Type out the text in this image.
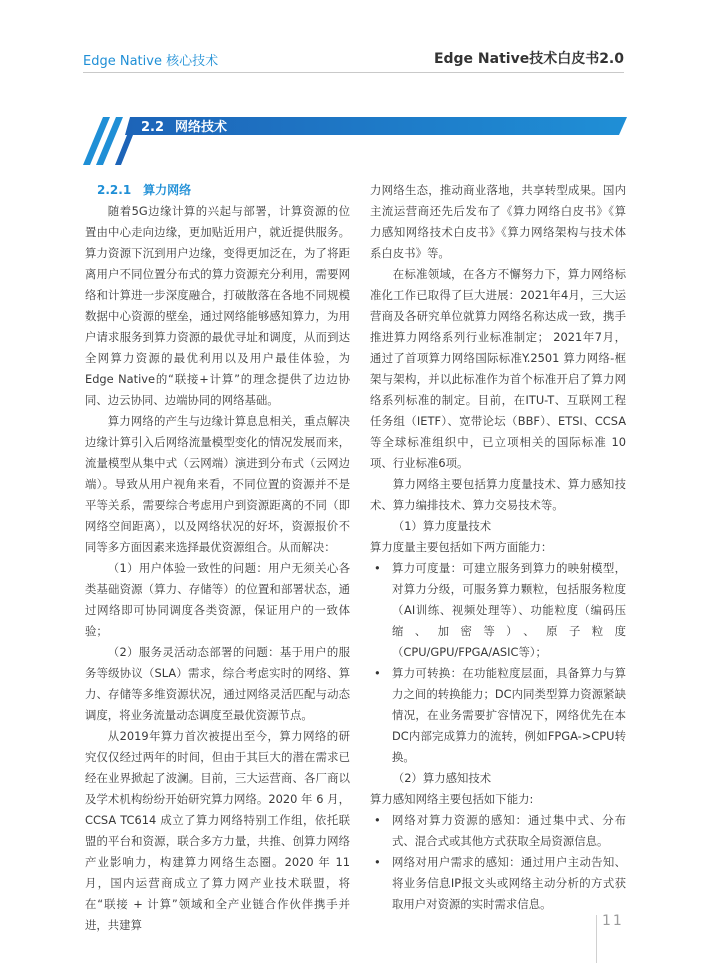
Edge Native 核心技术	Edge Native技术白皮书2.0
2.2 网络技术
2.2.1　算力网络

随着5G边缘计算的兴起与部署，计算资源的位置由中心走向边缘，更加贴近用户，就近提供服务。算力资源下沉到用户边缘，变得更加泛在，为了将距离用户不同位置分布式的算力资源充分利用，需要网络和计算进一步深度融合，打破散落在各地不同规模数据中心资源的壁垒，通过网络能够感知算力，为用户请求服务到算力资源的最优寻址和调度，从而到达全网算力资源的最优利用以及用户最佳体验，为Edge Native的“联接+计算”的理念提供了边边协同、边云协同、边端协同的网络基础。

算力网络的产生与边缘计算息息相关，重点解决边缘计算引入后网络流量模型变化的情况发展而来，流量模型从集中式（云网端）演进到分布式（云网边端）。导致从用户视角来看，不同位置的资源并不是平等关系，需要综合考虑用户到资源距离的不同（即网络空间距离），以及网络状况的好坏，资源报价不同等多方面因素来选择最优资源组合。从而解决：

（1）用户体验一致性的问题：用户无须关心各类基础资源（算力、存储等）的位置和部署状态，通过网络即可协同调度各类资源，保证用户的一致体验；

（2）服务灵活动态部署的问题：基于用户的服务等级协议（SLA）需求，综合考虑实时的网络、算力、存储等多维资源状况，通过网络灵活匹配与动态调度，将业务流量动态调度至最优资源节点。

从2019年算力首次被提出至今，算力网络的研究仅仅经过两年的时间，但由于其巨大的潜在需求已经在业界掀起了波澜。目前，三大运营商、各厂商以及学术机构纷纷开始研究算力网络。2020 年 6 月，CCSA TC614 成立了算力网络特别工作组，依托联盟的平台和资源，联合多方力量，共推、创算力网络产业影响力，构建算力网络生态圈。2020 年 11 月，国内运营商成立了算力网产业技术联盟，将在“联接 + 计算”领域和全产业链合作伙伴携手并进，共建算

力网络生态，推动商业落地，共享转型成果。国内主流运营商还先后发布了《算力网络白皮书》《算力感知网络技术白皮书》《算力网络架构与技术体系白皮书》等。

在标准领域，在各方不懈努力下，算力网络标准化工作已取得了巨大进展：2021年4月，三大运营商及各研究单位就算力网络名称达成一致，携手推进算力网络系列行业标准制定； 2021年7月，通过了首项算力网络国际标准Y.2501 算力网络-框架与架构，并以此标准作为首个标准开启了算力网络系列标准的制定。目前，在ITU-T、互联网工程任务组（IETF）、宽带论坛（BBF）、ETSI、CCSA 等全球标准组织中，已立项相关的国际标准 10 项、行业标准6项。

算力网络主要包括算力度量技术、算力感知技术、算力编排技术、算力交易技术等。

（1）算力度量技术

算力度量主要包括如下两方面能力：

• 算力可度量：可建立服务到算力的映射模型，对算力分级，可服务算力颗粒，包括服务粒度（AI训练、视频处理等）、功能粒度（编码压缩、加密等）、原子粒度（CPU/GPU/FPGA/ASIC等）；
• 算力可转换：在功能粒度层面，具备算力与算力之间的转换能力；DC内同类型算力资源紧缺情况，在业务需要扩容情况下，网络优先在本DC内部完成算力的流转，例如FPGA->CPU转换。

（2）算力感知技术

算力感知网络主要包括如下能力:

• 网络对算力资源的感知：通过集中式、分布式、混合式或其他方式获取全局资源信息。
• 网络对用户需求的感知：通过用户主动告知、将业务信息IP报文头或网络主动分析的方式获取用户对资源的实时需求信息。
11
